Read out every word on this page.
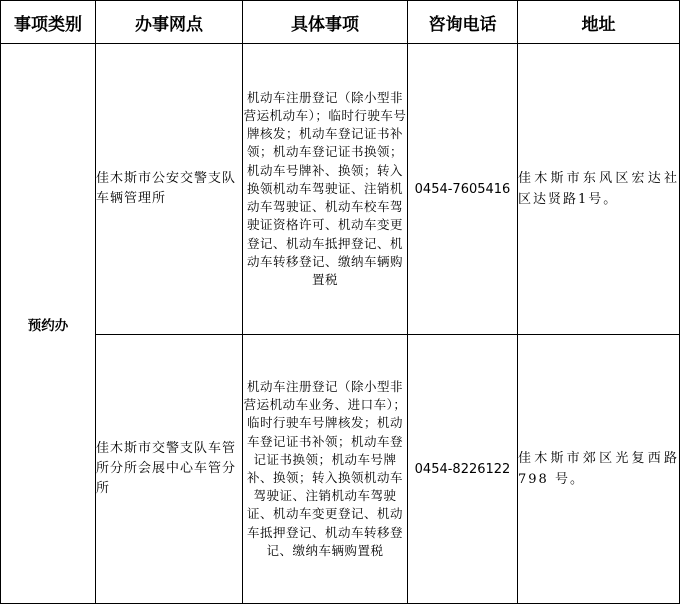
事项类别	办事网点	具体事项	咨询电话	地址
预约办	佳木斯市公安交警支队车辆管理所	机动车注册登记（除小型非营运机动车）；临时行驶车号牌核发；机动车登记证书补领；机动车登记证书换领；机动车号牌补、换领；转入换领机动车驾驶证、注销机动车驾驶证、机动车校车驾驶证资格许可、机动车变更登记、机动车抵押登记、机动车转移登记、缴纳车辆购置税	0454-7605416	佳木斯市东风区宏达社区达贤路1号。
	佳木斯市交警支队车管所分所会展中心车管分所	机动车注册登记（除小型非营运机动车业务、进口车）；临时行驶车号牌核发；机动车登记证书补领；机动车登记证书换领；机动车号牌补、换领；转入换领机动车驾驶证、注销机动车驾驶证、机动车变更登记、机动车抵押登记、机动车转移登记、缴纳车辆购置税	0454-8226122	佳木斯市郊区光复西路 798 号。
